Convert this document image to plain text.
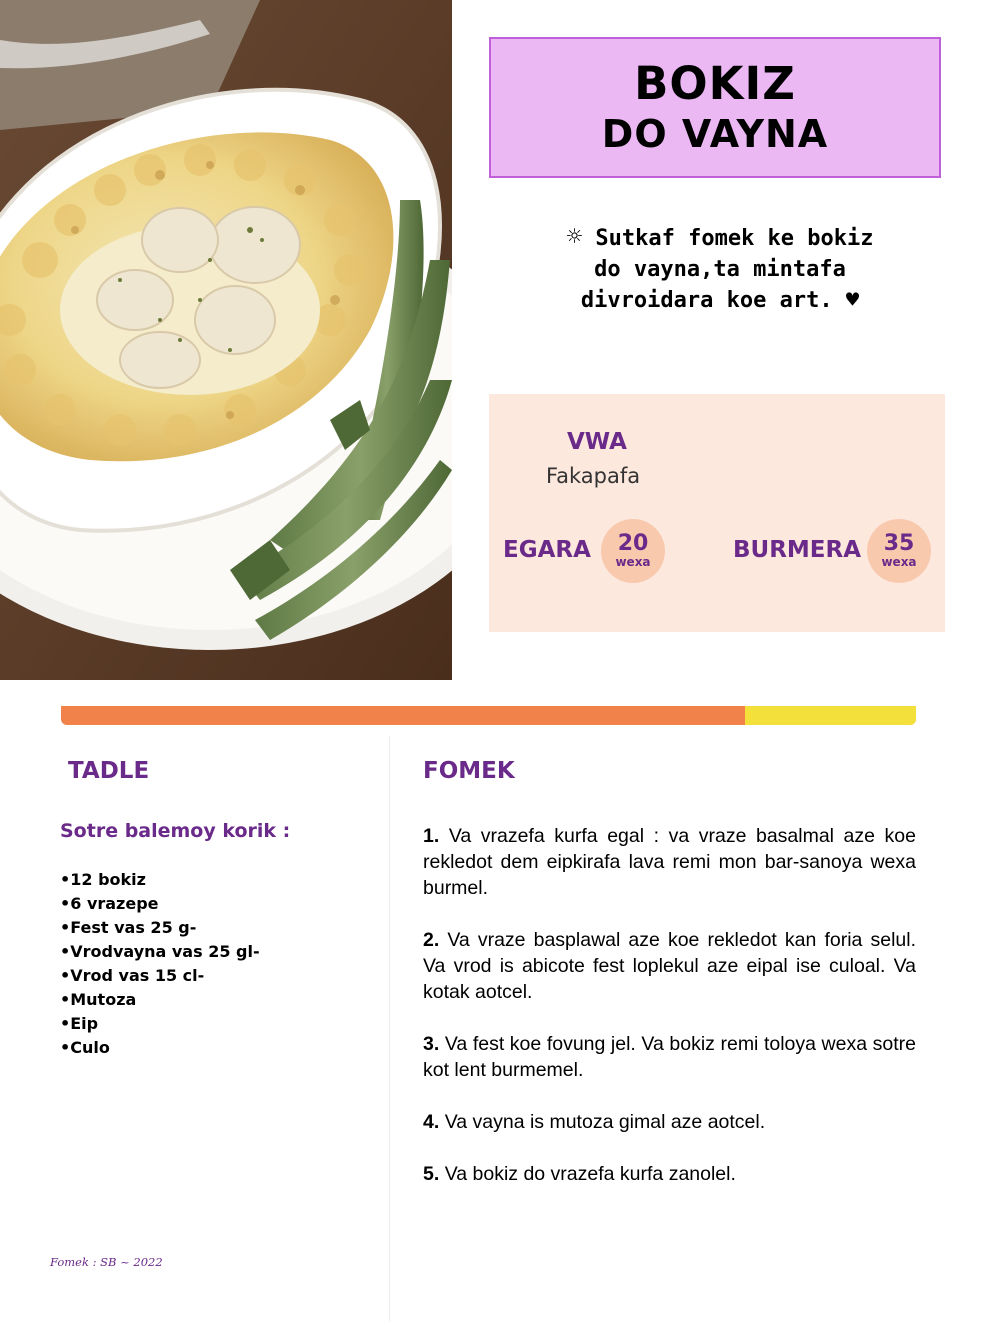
BOKIZ
DO VAYNA
☼ Sutkaf fomek ke bokiz
do vayna,ta mintafa
divroidara koe art. ♥
VWA
Fakapafa
EGARA 20
wexa	BURMERA 35
wexa
TADLE
Sotre balemoy korik :
• 12 bokiz
• 6 vrazepe
• Fest vas 25 g-
• Vrodvayna vas 25 gl-
• Vrod vas 15 cl-
• Mutoza
• Eip
• Culo
FOMEK

1. Va vrazefa kurfa egal : va vraze basalmal aze koe rekledot dem eipkirafa lava remi mon bar-sanoya wexa burmel.

2. Va vraze basplawal aze koe rekledot kan foria selul. Va vrod is abicote fest loplekul aze eipal ise culoal. Va kotak aotcel.

3. Va fest koe fovung jel. Va bokiz remi toloya wexa sotre kot lent burmemel.

4. Va vayna is mutoza gimal aze aotcel.

5. Va bokiz do vrazefa kurfa zanolel.

Fomek : SB ~ 2022
